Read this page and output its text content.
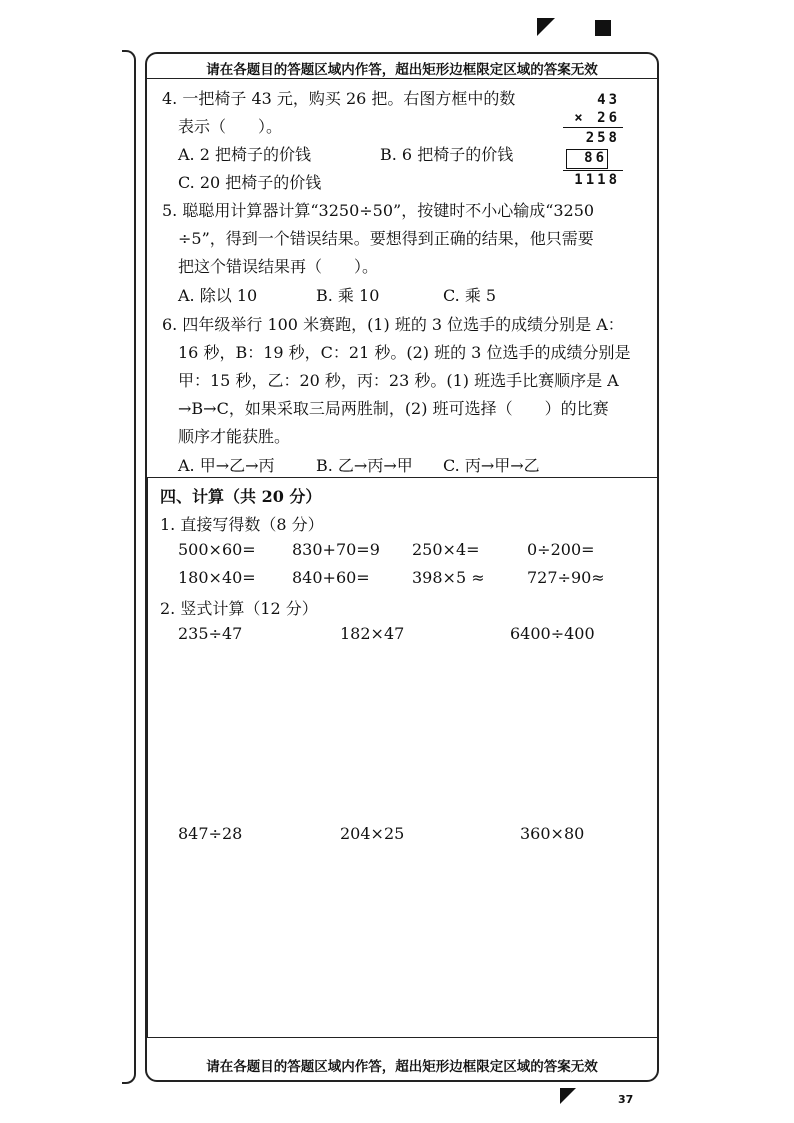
请在各题目的答题区域内作答，超出矩形边框限定区域的答案无效
4. 一把椅子 43 元，购买 26 把。右图方框中的数
表示（　　）。
A. 2 把椅子的价钱	B. 6 把椅子的价钱
C. 20 把椅子的价钱
43
× 26
258
86
1118
5. 聪聪用计算器计算“3250÷50”，按键时不小心输成“3250
÷5”，得到一个错误结果。要想得到正确的结果，他只需要
把这个错误结果再（　　）。
A. 除以 10	B. 乘 10	C. 乘 5
6. 四年级举行 100 米赛跑，(1) 班的 3 位选手的成绩分别是 A：
16 秒，B：19 秒，C：21 秒。(2) 班的 3 位选手的成绩分别是
甲：15 秒，乙：20 秒，丙：23 秒。(1) 班选手比赛顺序是 A
→B→C，如果采取三局两胜制，(2) 班可选择（　　）的比赛
顺序才能获胜。
A. 甲→乙→丙	B. 乙→丙→甲 C. 丙→甲→乙
四、计算（共 20 分）
1. 直接写得数（8 分）
500×60= 830+70=9 250×4=	0÷200=
180×40= 840+60=	398×5 ≈	727÷90≈
2. 竖式计算（12 分）
235÷47	182×47	6400÷400
847÷28	204×25	360×80
请在各题目的答题区域内作答，超出矩形边框限定区域的答案无效
37
